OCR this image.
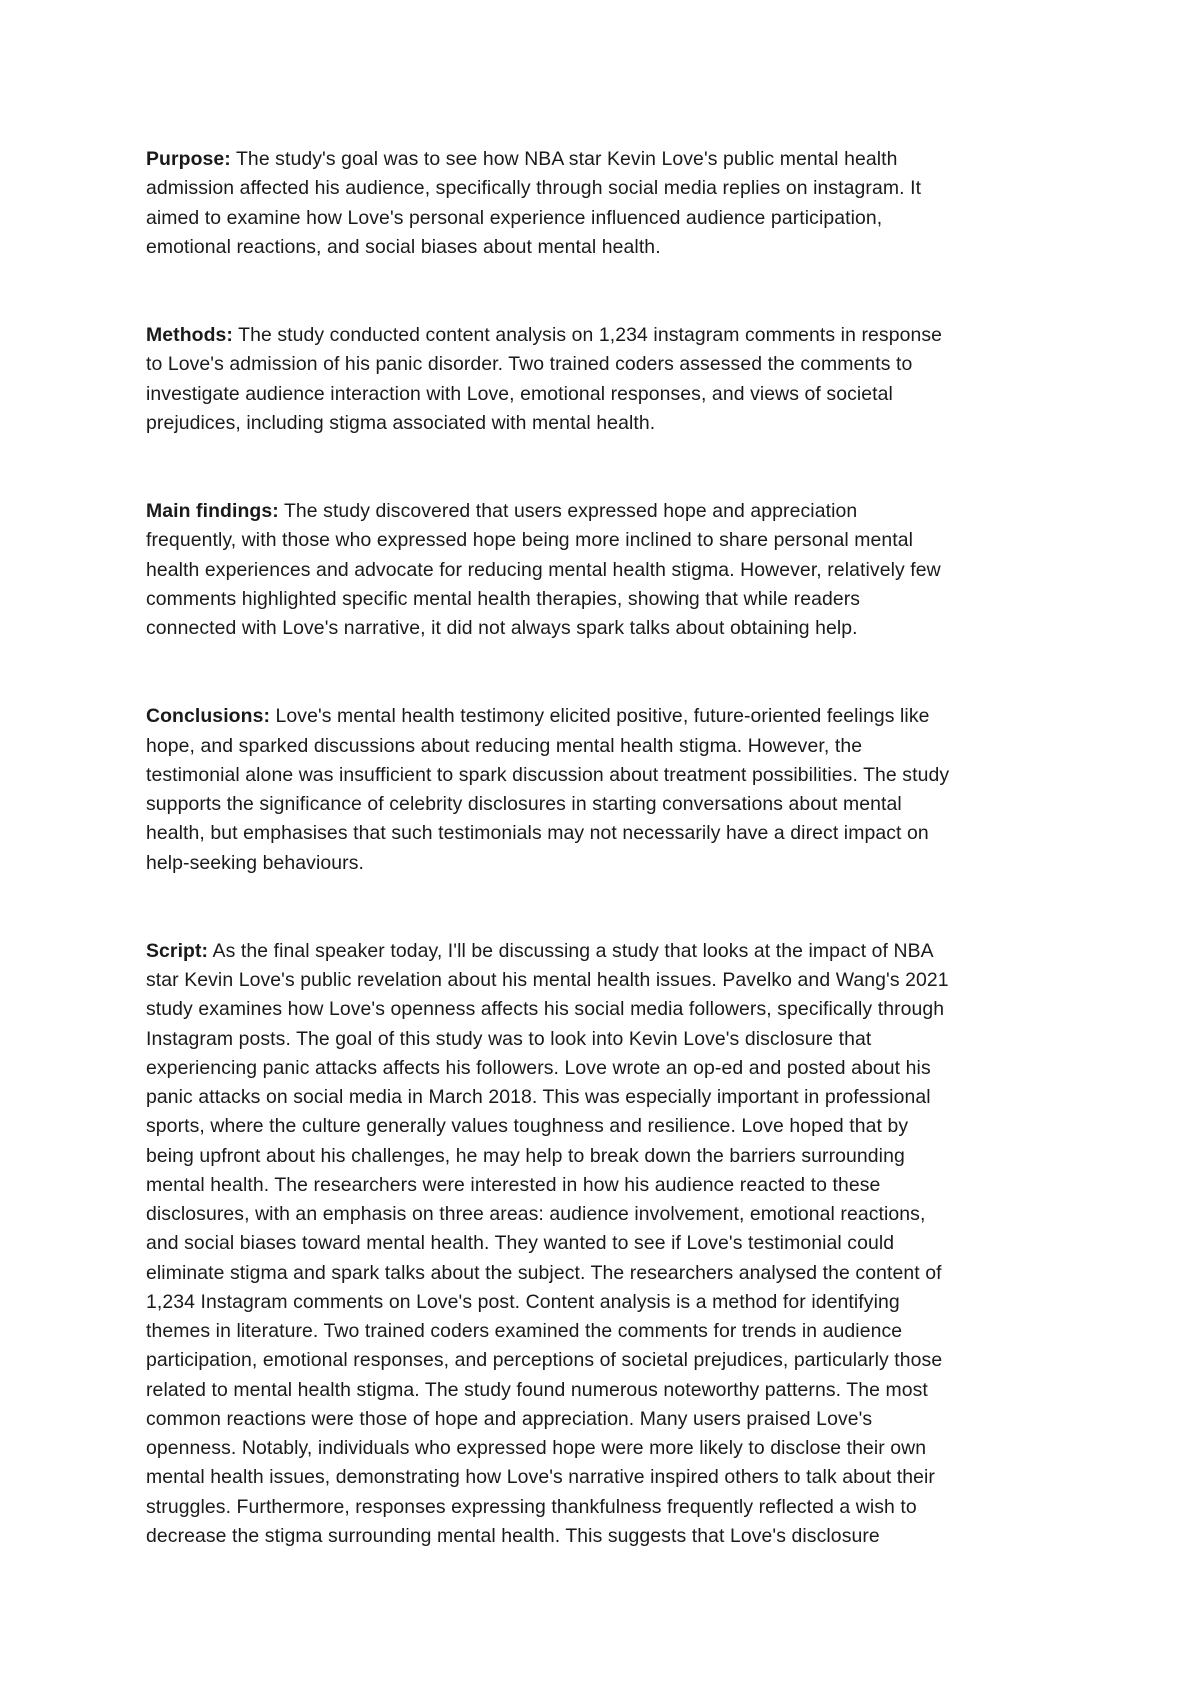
Purpose: The study's goal was to see how NBA star Kevin Love's public mental health
admission affected his audience, specifically through social media replies on instagram. It
aimed to examine how Love's personal experience influenced audience participation,
emotional reactions, and social biases about mental health.
Methods: The study conducted content analysis on 1,234 instagram comments in response
to Love's admission of his panic disorder. Two trained coders assessed the comments to
investigate audience interaction with Love, emotional responses, and views of societal
prejudices, including stigma associated with mental health.
Main findings: The study discovered that users expressed hope and appreciation
frequently, with those who expressed hope being more inclined to share personal mental
health experiences and advocate for reducing mental health stigma. However, relatively few
comments highlighted specific mental health therapies, showing that while readers
connected with Love's narrative, it did not always spark talks about obtaining help.
Conclusions: Love's mental health testimony elicited positive, future-oriented feelings like
hope, and sparked discussions about reducing mental health stigma. However, the
testimonial alone was insufficient to spark discussion about treatment possibilities. The study
supports the significance of celebrity disclosures in starting conversations about mental
health, but emphasises that such testimonials may not necessarily have a direct impact on
help-seeking behaviours.
Script: As the final speaker today, I'll be discussing a study that looks at the impact of NBA
star Kevin Love's public revelation about his mental health issues. Pavelko and Wang's 2021
study examines how Love's openness affects his social media followers, specifically through
Instagram posts. The goal of this study was to look into Kevin Love's disclosure that
experiencing panic attacks affects his followers. Love wrote an op-ed and posted about his
panic attacks on social media in March 2018. This was especially important in professional
sports, where the culture generally values toughness and resilience. Love hoped that by
being upfront about his challenges, he may help to break down the barriers surrounding
mental health. The researchers were interested in how his audience reacted to these
disclosures, with an emphasis on three areas: audience involvement, emotional reactions,
and social biases toward mental health. They wanted to see if Love's testimonial could
eliminate stigma and spark talks about the subject. The researchers analysed the content of
1,234 Instagram comments on Love's post. Content analysis is a method for identifying
themes in literature. Two trained coders examined the comments for trends in audience
participation, emotional responses, and perceptions of societal prejudices, particularly those
related to mental health stigma. The study found numerous noteworthy patterns. The most
common reactions were those of hope and appreciation. Many users praised Love's
openness. Notably, individuals who expressed hope were more likely to disclose their own
mental health issues, demonstrating how Love's narrative inspired others to talk about their
struggles. Furthermore, responses expressing thankfulness frequently reflected a wish to
decrease the stigma surrounding mental health. This suggests that Love's disclosure
